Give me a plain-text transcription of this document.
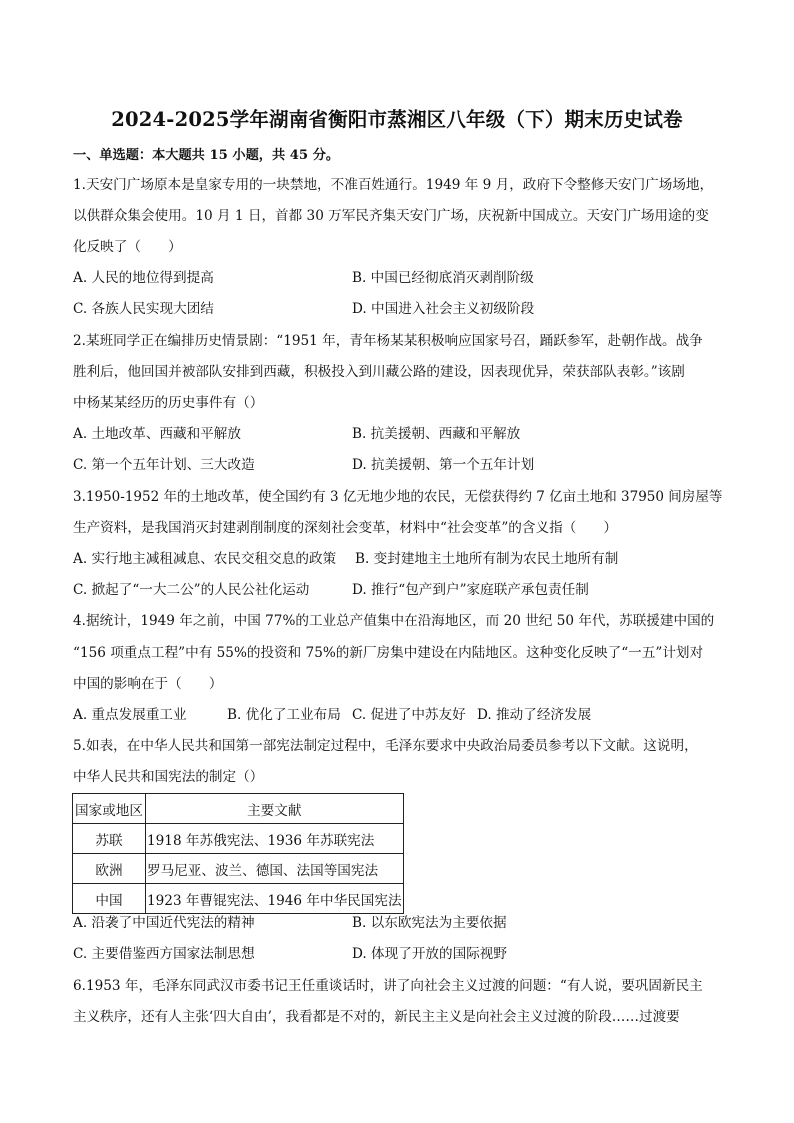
2024-2025学年湖南省衡阳市蒸湘区八年级（下）期末历史试卷
一、单选题：本大题共 15 小题，共 45 分。
1.天安门广场原本是皇家专用的一块禁地，不准百姓通行。1949 年 9 月，政府下令整修天安门广场场地，
以供群众集会使用。10 月 1 日，首都 30 万军民齐集天安门广场，庆祝新中国成立。天安门广场用途的变
化反映了（　　）
A. 人民的地位得到提高	B. 中国已经彻底消灭剥削阶级
C. 各族人民实现大团结	D. 中国进入社会主义初级阶段
2.某班同学正在编排历史情景剧：“1951 年，青年杨某某积极响应国家号召，踊跃参军，赴朝作战。战争
胜利后，他回国并被部队安排到西藏，积极投入到川藏公路的建设，因表现优异，荣获部队表彰。”该剧
中杨某某经历的历史事件有（）
A. 土地改革、西藏和平解放	B. 抗美援朝、西藏和平解放
C. 第一个五年计划、三大改造	D. 抗美援朝、第一个五年计划
3.1950-1952 年的土地改革，使全国约有 3 亿无地少地的农民，无偿获得约 7 亿亩土地和 37950 间房屋等
生产资料，是我国消灭封建剥削制度的深刻社会变革，材料中“社会变革”的含义指（　　）
A. 实行地主减租减息、农民交租交息的政策 B. 变封建地主土地所有制为农民土地所有制
C. 掀起了“一大二公”的人民公社化运动	D. 推行“包产到户”家庭联产承包责任制
4.据统计，1949 年之前，中国 77%的工业总产值集中在沿海地区，而 20 世纪 50 年代，苏联援建中国的
“156 项重点工程”中有 55%的投资和 75%的新厂房集中建设在内陆地区。这种变化反映了“一五”计划对
中国的影响在于（　　）
A. 重点发展重工业	B. 优化了工业布局 C. 促进了中苏友好 D. 推动了经济发展
5.如表，在中华人民共和国第一部宪法制定过程中，毛泽东要求中央政治局委员参考以下文献。这说明，
中华人民共和国宪法的制定（）
国家或地区	主要文献
苏联	1918 年苏俄宪法、1936 年苏联宪法
欧洲	罗马尼亚、波兰、德国、法国等国宪法
中国	1923 年曹锟宪法、1946 年中华民国宪法
A. 沿袭了中国近代宪法的精神	B. 以东欧宪法为主要依据
C. 主要借鉴西方国家法制思想	D. 体现了开放的国际视野
6.1953 年，毛泽东同武汉市委书记王任重谈话时，讲了向社会主义过渡的问题：“有人说，要巩固新民主
主义秩序，还有人主张‘四大自由’，我看都是不对的，新民主主义是向社会主义过渡的阶段……过渡要
